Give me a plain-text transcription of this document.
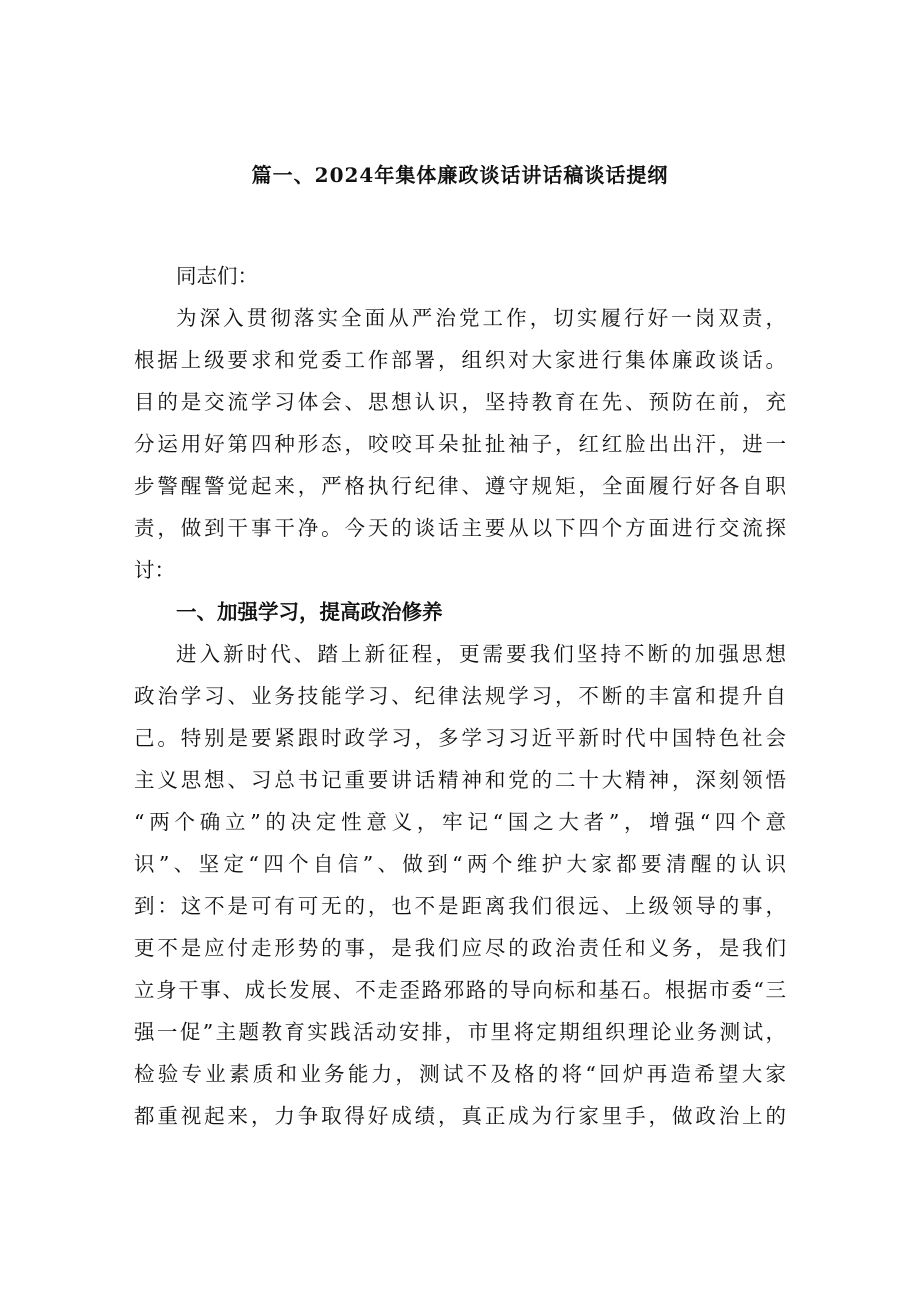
篇一、2024年集体廉政谈话讲话稿谈话提纲

同志们：

为深入贯彻落实全面从严治党工作，切实履行好一岗双责，

根据上级要求和党委工作部署，组织对大家进行集体廉政谈话。

目的是交流学习体会、思想认识，坚持教育在先、预防在前，充

分运用好第四种形态，咬咬耳朵扯扯袖子，红红脸出出汗，进一

步警醒警觉起来，严格执行纪律、遵守规矩，全面履行好各自职

责，做到干事干净。今天的谈话主要从以下四个方面进行交流探

讨：

一、加强学习，提高政治修养

进入新时代、踏上新征程，更需要我们坚持不断的加强思想

政治学习、业务技能学习、纪律法规学习，不断的丰富和提升自

己。特别是要紧跟时政学习，多学习习近平新时代中国特色社会

主义思想、习总书记重要讲话精神和党的二十大精神，深刻领悟

“两个确立”的决定性意义，牢记“国之大者”，增强“四个意

识”、坚定“四个自信”、做到“两个维护大家都要清醒的认识

到：这不是可有可无的，也不是距离我们很远、上级领导的事，

更不是应付走形势的事，是我们应尽的政治责任和义务，是我们

立身干事、成长发展、不走歪路邪路的导向标和基石。根据市委“三

强一促”主题教育实践活动安排，市里将定期组织理论业务测试，

检验专业素质和业务能力，测试不及格的将“回炉再造希望大家

都重视起来，力争取得好成绩，真正成为行家里手，做政治上的
